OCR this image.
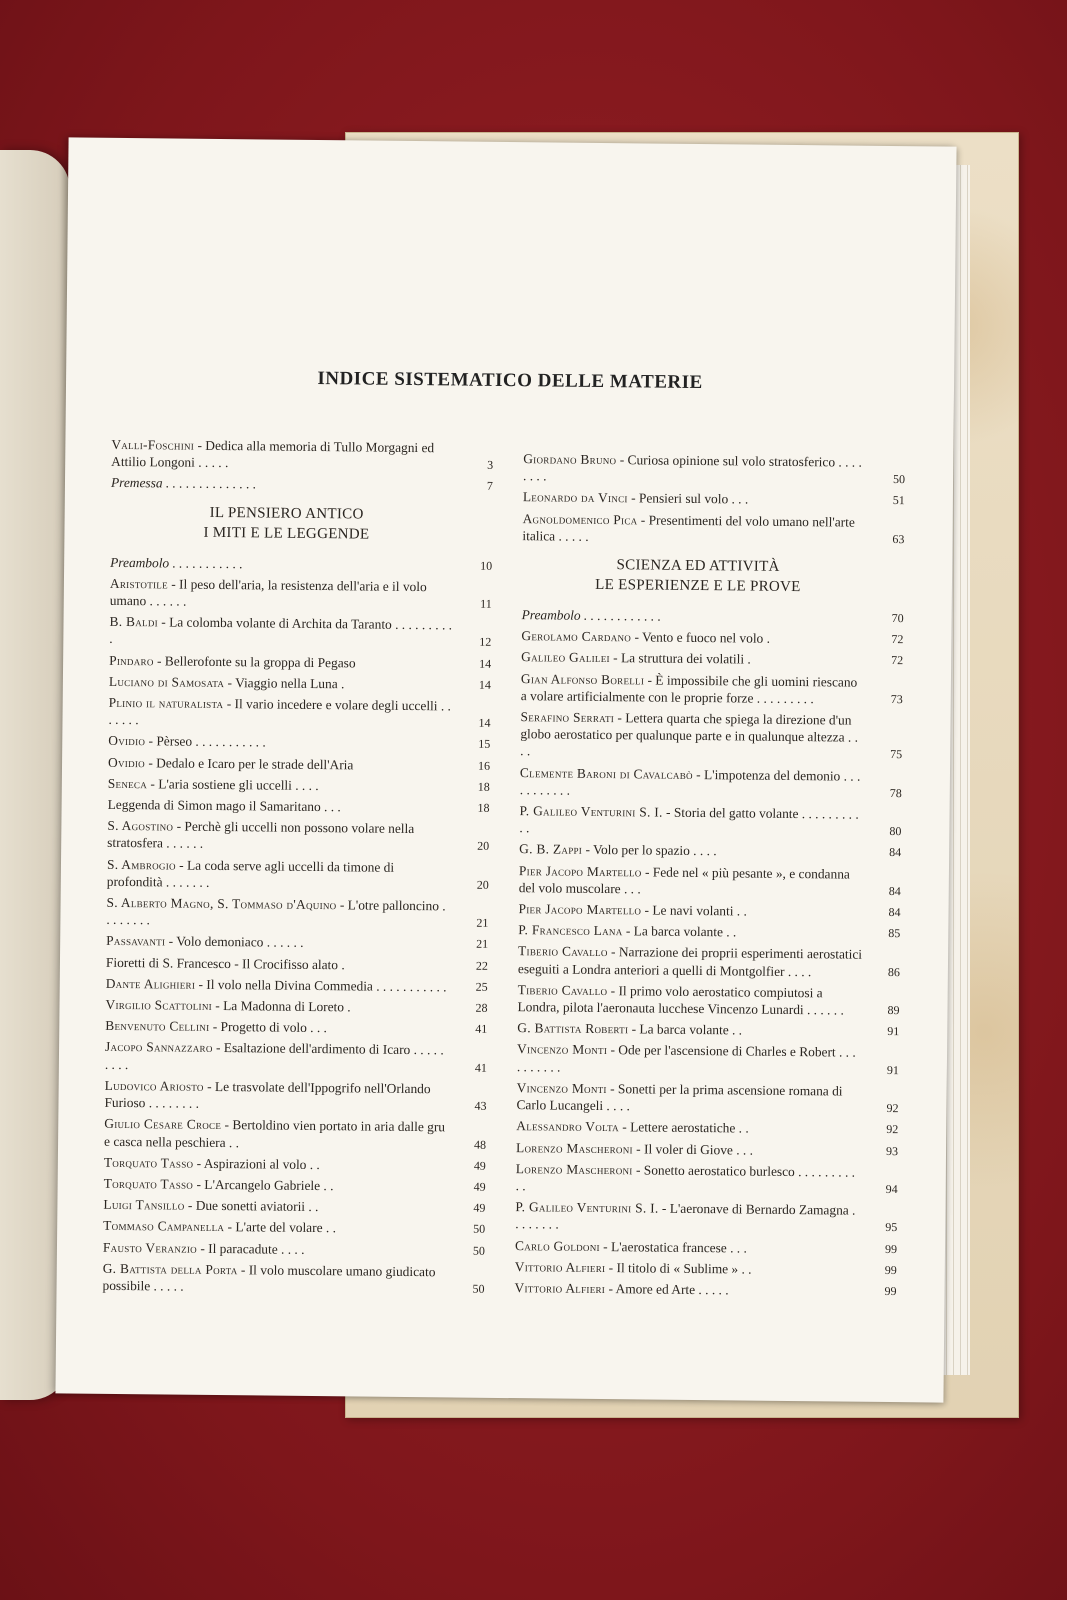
INDICE SISTEMATICO DELLE MATERIE
Valli-Foschini - Dedica alla memoria di Tullo Morgagni ed Attilio Longoni . . . . .	3
Premessa . . . . . . . . . . . . . .	7
IL PENSIERO ANTICO
I MITI E LE LEGGENDE
Preambolo . . . . . . . . . . .	10
Aristotile - Il peso dell'aria, la resistenza dell'aria e il volo umano . . . . . .	11
B. Baldi - La colomba volante di Archita da Taranto . . . . . . . . . .	12
Pindaro - Bellerofonte su la groppa di Pegaso	14
Luciano di Samosata - Viaggio nella Luna .	14
Plinio il naturalista - Il vario incedere e volare degli uccelli . . . . . . .	14
Ovidio - Pèrseo . . . . . . . . . . .	15
Ovidio - Dedalo e Icaro per le strade dell'Aria	16
Seneca - L'aria sostiene gli uccelli . . . .	18
Leggenda di Simon mago il Samaritano . . .	18
S. Agostino - Perchè gli uccelli non possono volare nella stratosfera . . . . . .	20
S. Ambrogio - La coda serve agli uccelli da timone di profondità . . . . . . .	20
S. Alberto Magno, S. Tommaso d'Aquino - L'otre palloncino . . . . . . . .	21
Passavanti - Volo demoniaco . . . . . .	21
Fioretti di S. Francesco - Il Crocifisso alato .	22
Dante Alighieri - Il volo nella Divina Commedia . . . . . . . . . . .	25
Virgilio Scattolini - La Madonna di Loreto .	28
Benvenuto Cellini - Progetto di volo . . .	41
Jacopo Sannazzaro - Esaltazione dell'ardimento di Icaro . . . . . . . . .	41
Ludovico Ariosto - Le trasvolate dell'Ippogrifo nell'Orlando Furioso . . . . . . . .	43
Giulio Cesare Croce - Bertoldino vien portato in aria dalle gru e casca nella peschiera . .	48
Torquato Tasso - Aspirazioni al volo . .	49
Torquato Tasso - L'Arcangelo Gabriele . .	49
Luigi Tansillo - Due sonetti aviatorii . .	49
Tommaso Campanella - L'arte del volare . .	50
Fausto Veranzio - Il paracadute . . . .	50
G. Battista della Porta - Il volo muscolare umano giudicato possibile . . . . .	50
Giordano Bruno - Curiosa opinione sul volo stratosferico . . . . . . . .	50
Leonardo da Vinci - Pensieri sul volo . . .	51
Agnoldomenico Pica - Presentimenti del volo umano nell'arte italica . . . . .	63
SCIENZA ED ATTIVITÀ
LE ESPERIENZE E LE PROVE
Preambolo . . . . . . . . . . . .	70
Gerolamo Cardano - Vento e fuoco nel volo .	72
Galileo Galilei - La struttura dei volatili .	72
Gian Alfonso Borelli - È impossibile che gli uomini riescano a volare artificialmente con le proprie forze . . . . . . . . .	73
Serafino Serrati - Lettera quarta che spiega la direzione d'un globo aerostatico per qualunque parte e in qualunque altezza . . . .	75
Clemente Baroni di Cavalcabò - L'impotenza del demonio . . . . . . . . . . .	78
P. Galileo Venturini S. I. - Storia del gatto volante . . . . . . . . . . .	80
G. B. Zappi - Volo per lo spazio . . . .	84
Pier Jacopo Martello - Fede nel « più pesante », e condanna del volo muscolare . . .	84
Pier Jacopo Martello - Le navi volanti . .	84
P. Francesco Lana - La barca volante . .	85
Tiberio Cavallo - Narrazione dei proprii esperimenti aerostatici eseguiti a Londra anteriori a quelli di Montgolfier . . . .	86
Tiberio Cavallo - Il primo volo aerostatico compiutosi a Londra, pilota l'aeronauta lucchese Vincenzo Lunardi . . . . . .	89
G. Battista Roberti - La barca volante . .	91
Vincenzo Monti - Ode per l'ascensione di Charles e Robert . . . . . . . . . .	91
Vincenzo Monti - Sonetti per la prima ascensione romana di Carlo Lucangeli . . . .	92
Alessandro Volta - Lettere aerostatiche . .	92
Lorenzo Mascheroni - Il voler di Giove . . .	93
Lorenzo Mascheroni - Sonetto aerostatico burlesco . . . . . . . . . . .	94
P. Galileo Venturini S. I. - L'aeronave di Bernardo Zamagna . . . . . . . .	95
Carlo Goldoni - L'aerostatica francese . . .	99
Vittorio Alfieri - Il titolo di « Sublime » . .	99
Vittorio Alfieri - Amore ed Arte . . . . .	99
